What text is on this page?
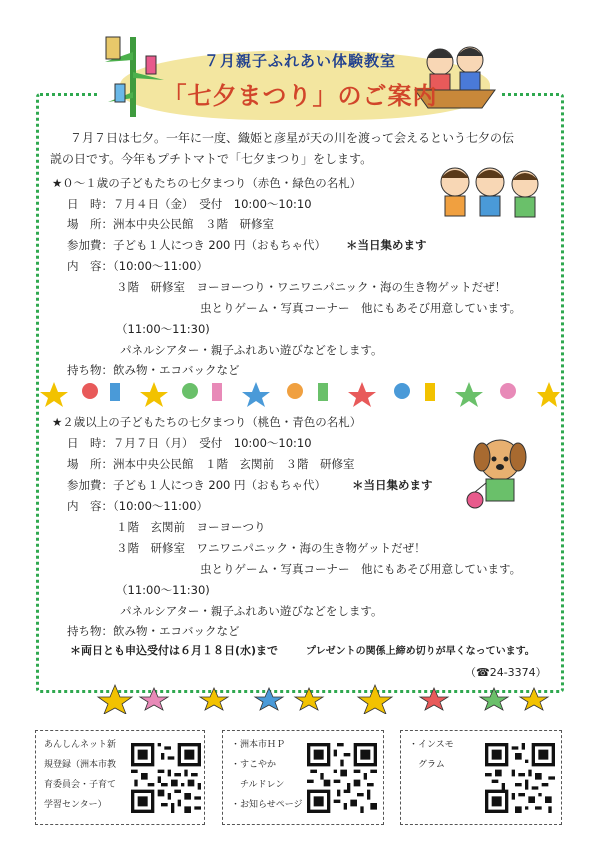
７月親子ふれあい体験教室
「七夕まつり」のご案内
７月７日は七夕。一年に一度、織姫と彦星が天の川を渡って会えるという七夕の伝
説の日です。今年もプチトマトで「七夕まつり」をします。
★０～１歳の子どもたちの七夕まつり（赤色・緑色の名札）
日　時：７月４日（金）　受付　10:00～10:10
場　所：洲本中央公民館　３階　研修室
参加費：子ども１人につき 200 円（おもちゃ代） ＊当日集めます
内　容：（10:00～11:00）
３階　研修室　ヨーヨーつり・ワニワニパニック・海の生き物ゲットだぜ！
虫とりゲーム・写真コーナー　他にもあそび用意しています。
（11:00～11:30)
パネルシアター・親子ふれあい遊びなどをします。
持ち物：飲み物・エコバックなど
★２歳以上の子どもたちの七夕まつり（桃色・青色の名札）
日　時：７月７日（月）　受付　10:00～10:10
場　所：洲本中央公民館　１階　玄関前　３階　研修室
参加費：子ども１人につき 200 円（おもちゃ代） ＊当日集めます
内　容：（10:00～11:00）
１階　玄関前　ヨーヨーつり
３階　研修室　ワニワニパニック・海の生き物ゲットだぜ！
虫とりゲーム・写真コーナー　他にもあそび用意しています。
（11:00～11:30)
パネルシアター・親子ふれあい遊びなどをします。
持ち物：飲み物・エコバックなど
＊両日とも申込受付は６月１８日(水)まで	プレゼントの関係上締め切りが早くなっています。
（☎24-3374）
あんしんネット新
規登録（洲本市教
育委員会・子育て
学習センター）
・洲本市ＨＰ
・すこやか
　チルドレン
・お知らせページ
・インスモ
　グラム
